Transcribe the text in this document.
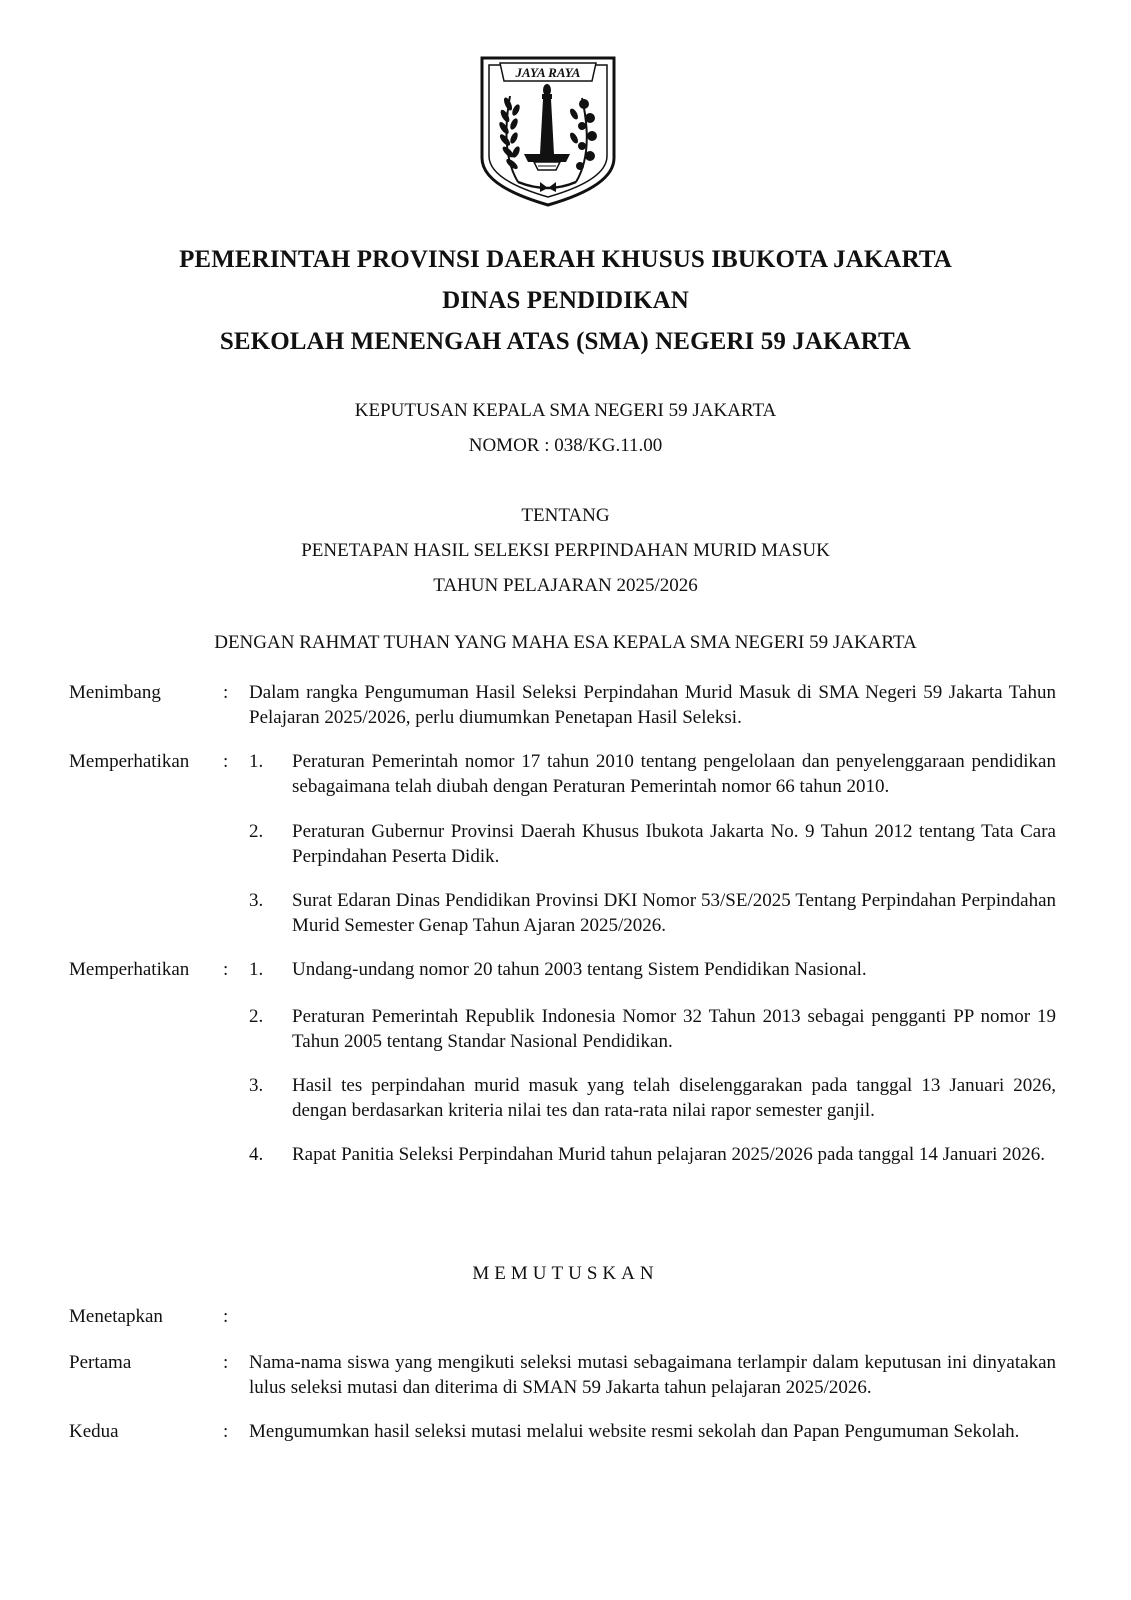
JAYA RAYA
PEMERINTAH PROVINSI DAERAH KHUSUS IBUKOTA JAKARTA
DINAS PENDIDIKAN
SEKOLAH MENENGAH ATAS (SMA) NEGERI 59 JAKARTA
KEPUTUSAN KEPALA SMA NEGERI 59 JAKARTA
NOMOR : 038/KG.11.00
TENTANG
PENETAPAN HASIL SELEKSI PERPINDAHAN MURID MASUK
TAHUN PELAJARAN 2025/2026
DENGAN RAHMAT TUHAN YANG MAHA ESA KEPALA SMA NEGERI 59 JAKARTA
Menimbang	: Dalam rangka Pengumuman Hasil Seleksi Perpindahan Murid Masuk di SMA Negeri 59 Jakarta Tahun Pelajaran 2025/2026, perlu diumumkan Penetapan Hasil Seleksi.
Memperhatikan : 1. Peraturan Pemerintah nomor 17 tahun 2010 tentang pengelolaan dan penyelenggaraan pendidikan sebagaimana telah diubah dengan Peraturan Pemerintah nomor 66 tahun 2010.
2. Peraturan Gubernur Provinsi Daerah Khusus Ibukota Jakarta No. 9 Tahun 2012 tentang Tata Cara Perpindahan Peserta Didik.
3. Surat Edaran Dinas Pendidikan Provinsi DKI Nomor 53/SE/2025 Tentang Perpindahan Perpindahan Murid Semester Genap Tahun Ajaran 2025/2026.
Memperhatikan : 1. Undang-undang nomor 20 tahun 2003 tentang Sistem Pendidikan Nasional.
2. Peraturan Pemerintah Republik Indonesia Nomor 32 Tahun 2013 sebagai pengganti PP nomor 19 Tahun 2005 tentang Standar Nasional Pendidikan.
3. Hasil tes perpindahan murid masuk yang telah diselenggarakan pada tanggal 13 Januari 2026, dengan berdasarkan kriteria nilai tes dan rata-rata nilai rapor semester ganjil.
4. Rapat Panitia Seleksi Perpindahan Murid tahun pelajaran 2025/2026 pada tanggal 14 Januari 2026.
MEMUTUSKAN
Menetapkan	:
Pertama	: Nama-nama siswa yang mengikuti seleksi mutasi sebagaimana terlampir dalam keputusan ini dinyatakan lulus seleksi mutasi dan diterima di SMAN 59 Jakarta tahun pelajaran 2025/2026.
Kedua	: Mengumumkan hasil seleksi mutasi melalui website resmi sekolah dan Papan Pengumuman Sekolah.
